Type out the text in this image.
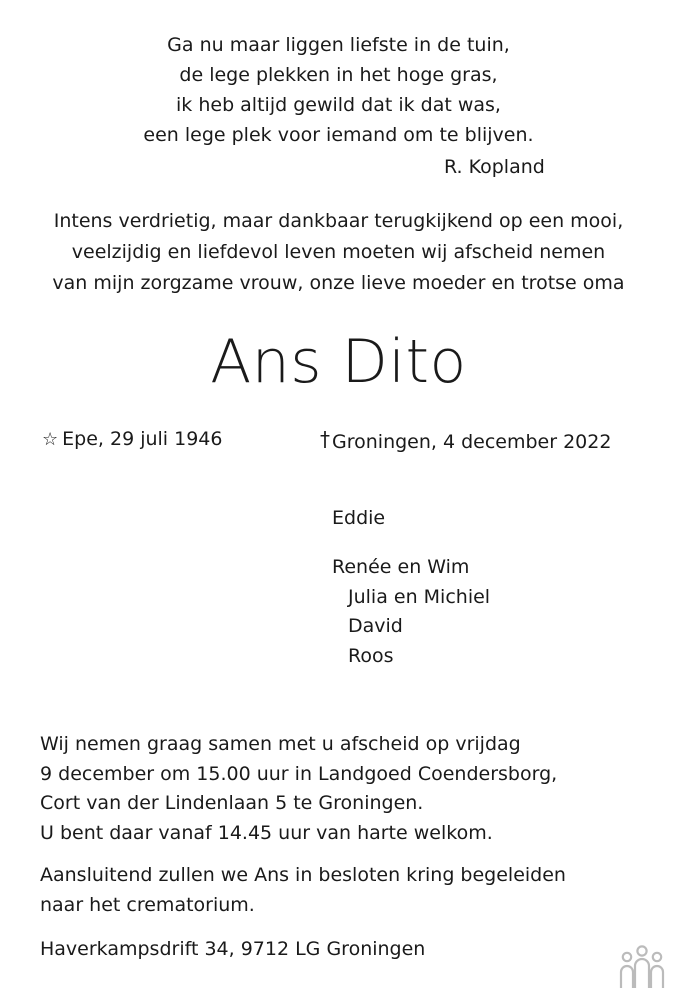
Ga nu maar liggen liefste in de tuin,
de lege plekken in het hoge gras,
ik heb altijd gewild dat ik dat was,
een lege plek voor iemand om te blijven.
R. Kopland
Intens verdrietig, maar dankbaar terugkijkend op een mooi,
veelzijdig en liefdevol leven moeten wij afscheid nemen
van mijn zorgzame vrouw, onze lieve moeder en trotse oma
Ans Dito
☆ Epe, 29 juli 1946	† Groningen, 4 december 2022
Eddie
Renée en Wim
Julia en Michiel
David
Roos
Wij nemen graag samen met u afscheid op vrijdag
9 december om 15.00 uur in Landgoed Coendersborg,
Cort van der Lindenlaan 5 te Groningen.
U bent daar vanaf 14.45 uur van harte welkom.
Aansluitend zullen we Ans in besloten kring begeleiden
naar het crematorium.
Haverkampsdrift 34, 9712 LG Groningen
